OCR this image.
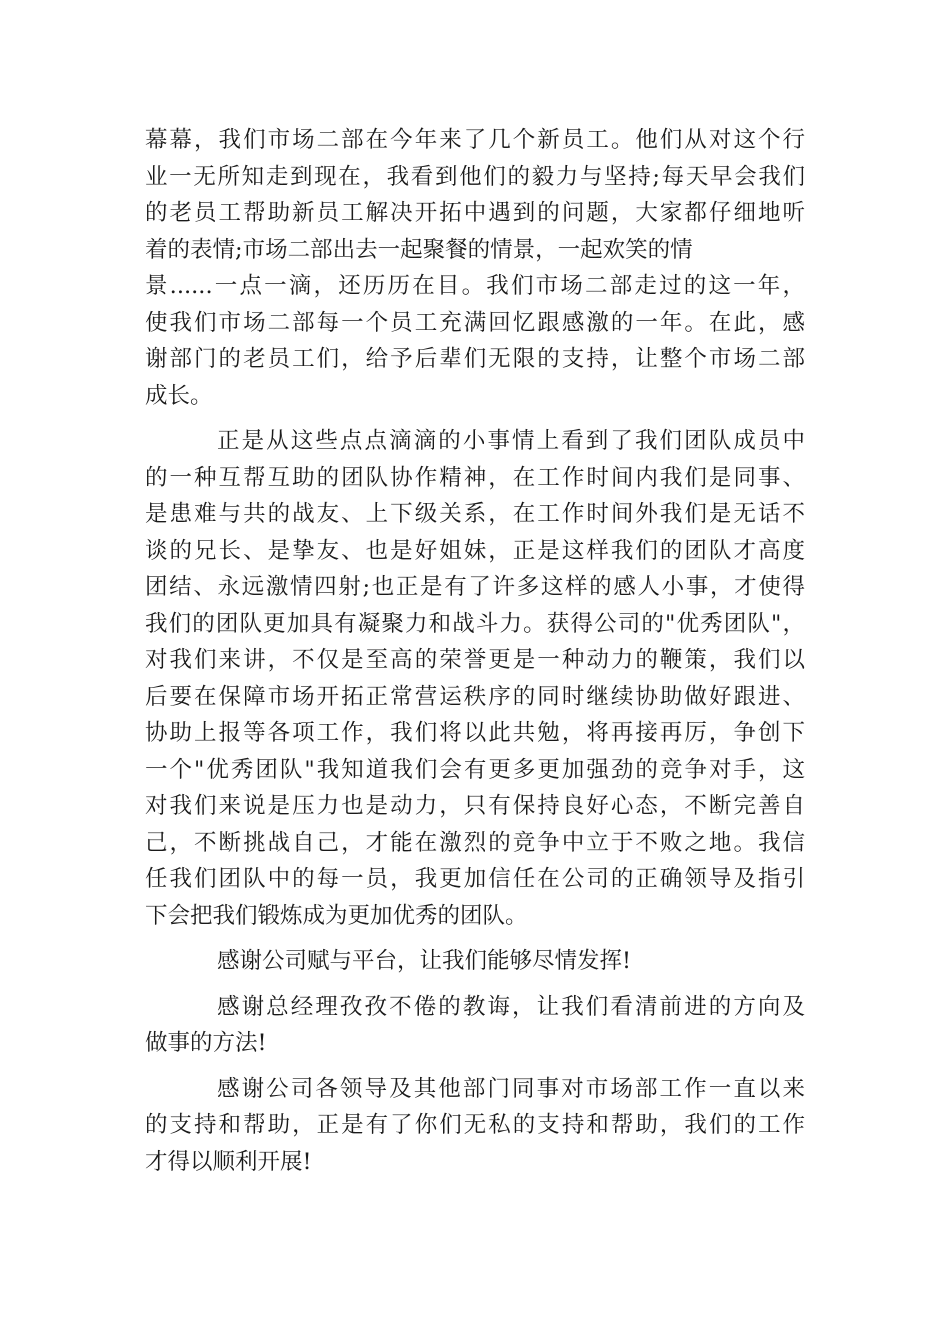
幕幕，我们市场二部在今年来了几个新员工。他们从对这个行
业一无所知走到现在，我看到他们的毅力与坚持;每天早会我们
的老员工帮助新员工解决开拓中遇到的问题，大家都仔细地听
着的表情;市场二部出去一起聚餐的情景，一起欢笑的情
景......一点一滴，还历历在目。我们市场二部走过的这一年，
使我们市场二部每一个员工充满回忆跟感激的一年。在此，感
谢部门的老员工们，给予后辈们无限的支持，让整个市场二部
成长。
正是从这些点点滴滴的小事情上看到了我们团队成员中
的一种互帮互助的团队协作精神，在工作时间内我们是同事、
是患难与共的战友、上下级关系，在工作时间外我们是无话不
谈的兄长、是挚友、也是好姐妹，正是这样我们的团队才高度
团结、永远激情四射;也正是有了许多这样的感人小事，才使得
我们的团队更加具有凝聚力和战斗力。获得公司的"优秀团队"，
对我们来讲，不仅是至高的荣誉更是一种动力的鞭策，我们以
后要在保障市场开拓正常营运秩序的同时继续协助做好跟进、
协助上报等各项工作，我们将以此共勉，将再接再厉，争创下
一个"优秀团队"我知道我们会有更多更加强劲的竞争对手，这
对我们来说是压力也是动力，只有保持良好心态，不断完善自
己，不断挑战自己，才能在激烈的竞争中立于不败之地。我信
任我们团队中的每一员，我更加信任在公司的正确领导及指引
下会把我们锻炼成为更加优秀的团队。
感谢公司赋与平台，让我们能够尽情发挥!
感谢总经理孜孜不倦的教诲，让我们看清前进的方向及
做事的方法!
感谢公司各领导及其他部门同事对市场部工作一直以来
的支持和帮助，正是有了你们无私的支持和帮助，我们的工作
才得以顺利开展!
